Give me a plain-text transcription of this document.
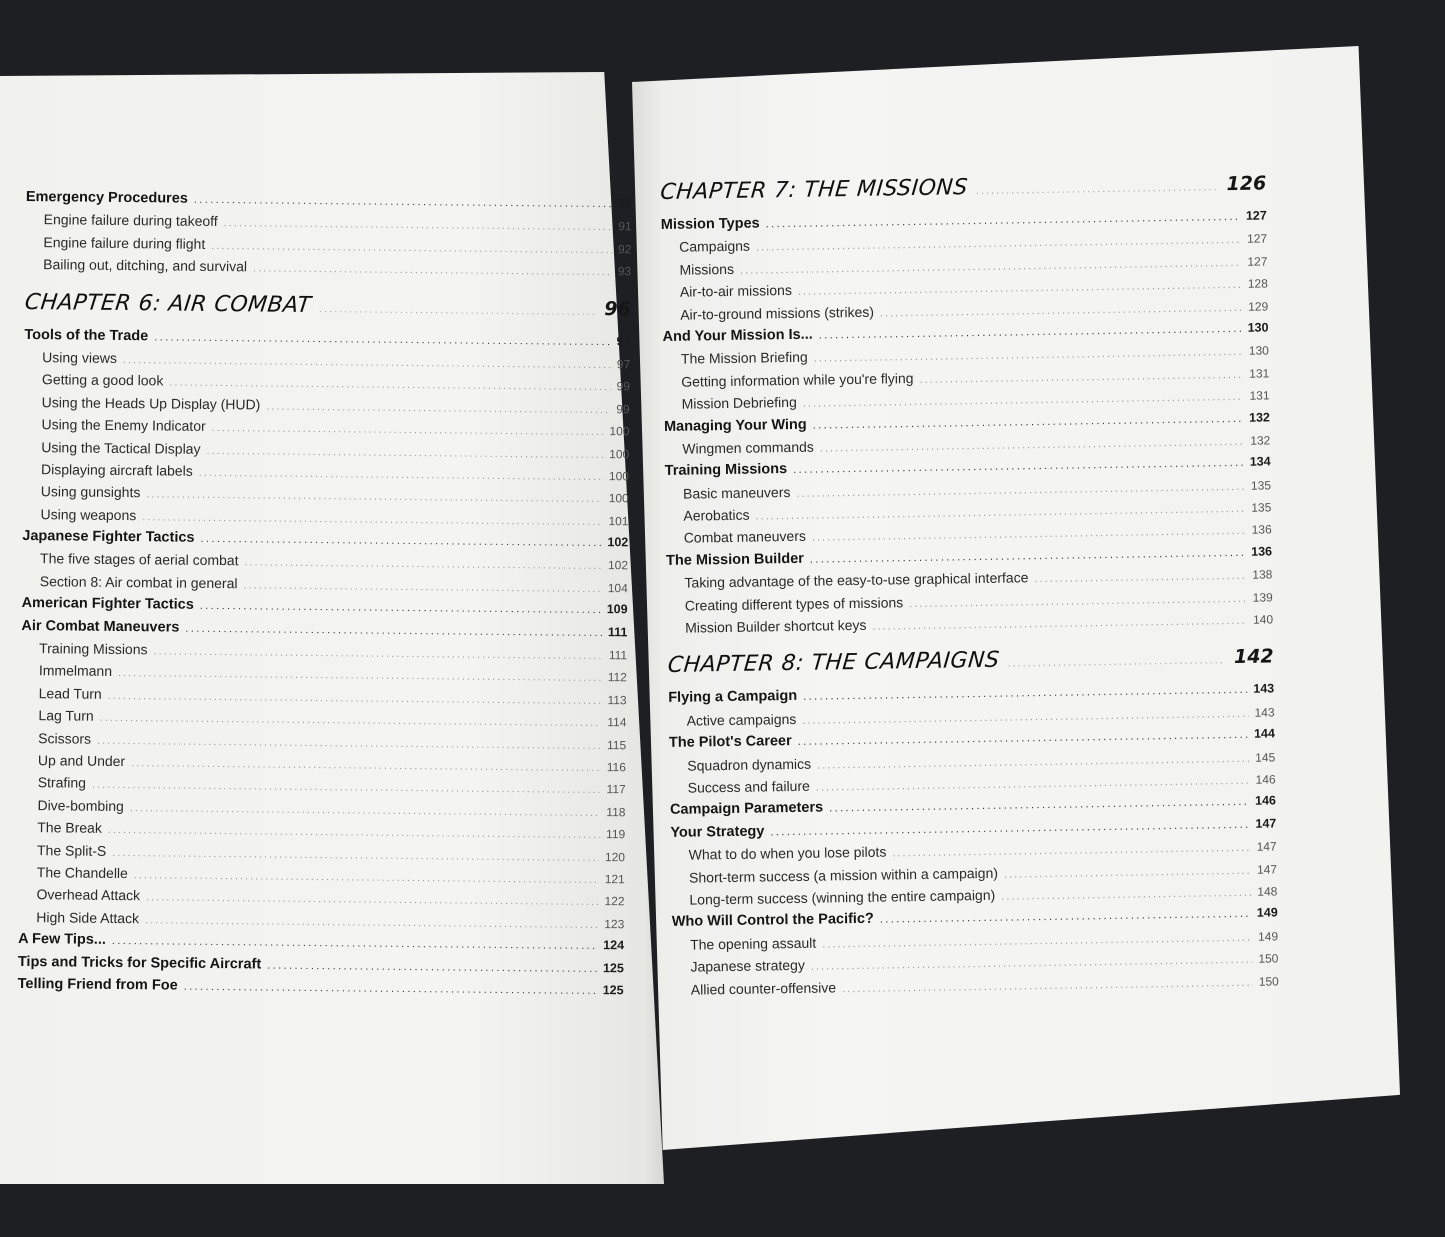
Emergency Procedures .....	91
Engine failure during takeoff .....	91
Engine failure during flight .....	92
Bailing out, ditching, and survival .....	93
CHAPTER 6: AIR COMBAT .....	96
Tools of the Trade .....	97
Using views .....	97
Getting a good look .....	99
Using the Heads Up Display (HUD) .....	99
Using the Enemy Indicator .....	100
Using the Tactical Display .....	100
Displaying aircraft labels .....	100
Using gunsights .....	100
Using weapons .....	101
Japanese Fighter Tactics .....	102
The five stages of aerial combat .....	102
Section 8: Air combat in general .....	104
American Fighter Tactics .....	109
Air Combat Maneuvers .....	111
Training Missions .....	111
Immelmann .....	112
Lead Turn .....	113
Lag Turn .....	114
Scissors .....	115
Up and Under .....	116
Strafing .....	117
Dive-bombing .....	118
The Break .....	119
The Split-S .....	120
The Chandelle .....	121
Overhead Attack .....	122
High Side Attack .....	123
A Few Tips... .....	124
Tips and Tricks for Specific Aircraft .....	125
Telling Friend from Foe .....	125
CHAPTER 7: THE MISSIONS .....	126
Mission Types .....	127
Campaigns .....	127
Missions .....	127
Air-to-air missions .....	128
Air-to-ground missions (strikes) .....	129
And Your Mission Is... .....	130
The Mission Briefing .....	130
Getting information while you're flying .....	131
Mission Debriefing .....	131
Managing Your Wing .....	132
Wingmen commands .....	132
Training Missions .....	134
Basic maneuvers .....	135
Aerobatics .....	135
Combat maneuvers .....	136
The Mission Builder .....	136
Taking advantage of the easy-to-use graphical interface .....	138
Creating different types of missions .....	139
Mission Builder shortcut keys .....	140
CHAPTER 8: THE CAMPAIGNS .....	142
Flying a Campaign .....	143
Active campaigns .....	143
The Pilot's Career .....	144
Squadron dynamics .....	145
Success and failure .....	146
Campaign Parameters .....	146
Your Strategy .....	147
What to do when you lose pilots .....	147
Short-term success (a mission within a campaign) .....	147
Long-term success (winning the entire campaign) .....	148
Who Will Control the Pacific? .....	149
The opening assault .....	149
Japanese strategy .....	150
Allied counter-offensive .....	150
